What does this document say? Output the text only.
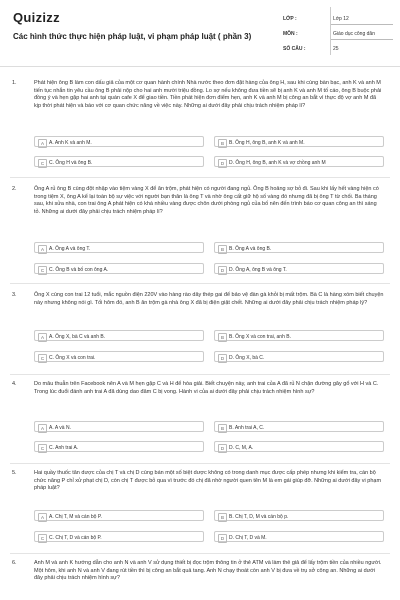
Quizizz
Các hình thức thực hiện pháp luật, vi phạm pháp luật ( phần 3)
LỚP :	Lớp 12
MÔN :	Giáo dục công dân
SỐ CÂU :	25
1.	Phát hiện ông B làm con dấu giả của một cơ quan hành chính Nhà nước theo đơn đặt hàng của ông H, sau khi cùng bàn bạc, anh K và anh M tiến tục nhắn tin yêu cầu ông B phải nộp cho hai anh mười triệu đồng. Lo sợ nếu không đưa tiền sẽ bị anh K và anh M tố cáo, ông B buộc phải đồng ý và hẹn gặp hai anh tại quán cafe X để giao tiền. Tiền phát hiện đơn điểm hẹn, anh K và anh M bị công an bắt vì thực độ vợ anh M đã kịp thời phát hiện và báo với cơ quan chức năng về việc này. Những ai dưới đây phải chịu trách nhiệm pháp lí?
A	A. Anh K và anh M.	B	B. Ông H, ông B, anh K và anh M.
C C. Ông H và ông B.	D D. Ông H, ông B, anh K và vợ chồng anh M
2.	Ông A rủ ông B cùng đột nhập vào tiệm vàng X để ăn trộm, phát hiện có người đang ngủ. Ông B hoảng sợ bỏ đi. Sau khi lấy hết vàng hiện có trong tiệm X, ông A kể lại toàn bộ sự việc với người bạn thân là ông T và nhờ ông cất giữ hộ số vàng đó nhưng đã bị ông T từ chối. Ba tháng sau, khi sửa nhà, con trai ông A phát hiện có khá nhiều vàng được chôn dưới phòng ngủ của bố nên đến trình báo cơ quan công an thì sáng tỏ. Những ai dưới đây phải chịu trách nhiệm pháp lí?
A	A. Ông A và ông T.	B	B. Ông A và ông B.
C C. Ông B và bố con ông A.	D D. Ông A, ông B và ông T.
3.	Ông X cùng con trai 12 tuổi, mắc nguồn điện 220V vào hàng rào dây thép gai để bảo vệ đàn gà khỏi bị mất trộm. Bà C là hàng xóm biết chuyện này nhưng không nói gì. Tối hôm đó, anh B ăn trộm gà nhà ông X đã bị điện giật chết. Những ai dưới đây phải chịu trách nhiệm pháp lý?
A	A. Ông X, bà C và anh B.	B	B. Ông X và con trai, anh B.
C C. Ông X và con trai.	D D. Ông X, bà C.
4.	Do mâu thuẫn trên Facebook nên A và M hẹn gặp C và H để hòa giải. Biết chuyện này, anh trai của A đã rủ N chặn đường gây gổ với H và C. Trong lúc đuổi đánh anh trai A đã dùng dao đâm C bị vong. Hành vi của ai dưới đây phải chịu trách nhiệm hình sự?
A	A. A và N.	B	B. Anh trai A, C.
C C. Anh trai A.	D D. C, M, A.
5.	Hai quầy thuốc tân dược của chị T và chị D cùng bán một số biệt dược không có trong danh mục được cấp phép nhưng khi kiểm tra, cán bộ chức năng P chỉ xử phạt chị D, còn chị T được bỏ qua vì trước đó chị đã nhờ người quen tên M là em gái giúp đỡ. Những ai dưới đây vi phạm pháp luật?
A	A. Chị T, M và cán bộ P.	B	B. Chị T, D, M và cán bộ p.
C C. Chị T, D và cán bộ P.	D D. Chị T, D và M.
6.	Anh M và anh K hướng dẫn cho anh N và anh V sử dụng thiết bị đọc trộm thông tin ở thẻ ATM và làm thẻ giả để lấy trộm tiền của nhiều người. Một hôm, khi anh N và anh V đang rút tiền thì bị công an bắt quả tang. Anh N chạy thoát còn anh V bị đưa về trụ sở công an. Những ai dưới đây phải chịu trách nhiệm hình sự?
